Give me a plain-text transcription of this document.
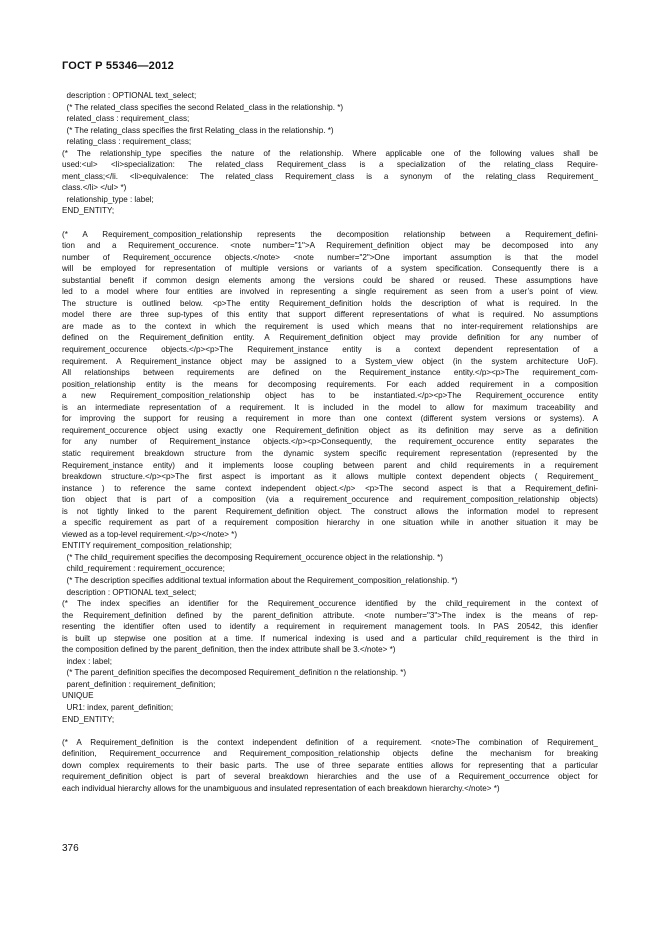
ГОСТ Р 55346—2012
description : OPTIONAL text_select;
(* The related_class specifies the second Related_class in the relationship. *)
related_class : requirement_class;
(* The relating_class specifies the first Relating_class in the relationship. *)
relating_class : requirement_class;
(* The relationship_type specifies the nature of the relationship. Where applicable one of the following values shall be
used:<ul> <li>specialization: The related_class Requirement_class is a specialization of the relating_class Require-
ment_class;</li. <li>equivalence: The related_class Requirement_class is a synonym of the relating_class Requirement_
class.</li> </ul> *)
relationship_type : label;
END_ENTITY;
(* A Requirement_composition_relationship represents the decomposition relationship between a Requirement_defini-
tion and a Requirement_occurence. <note number="1">A Requirement_definition object may be decomposed into any
number of Requirement_occurence objects.</note> <note number="2">One important assumption is that the model
will be employed for representation of multiple versions or variants of a system specification. Consequently there is a
substantial benefit if common design elements among the versions could be shared or reused. These assumptions have
led to a model where four entities are involved in representing a single requirement as seen from a user’s point of view.
The structure is outlined below. <p>The entity Requirement_definition holds the description of what is required. In the
model there are three sup-types of this entity that support different representations of what is required. No assumptions
are made as to the context in which the requirement is used which means that no inter-requirement relationships are
defined on the Requirement_definition entity. A Requirement_definition object may provide definition for any number of
requirement_occurence objects.</p><p>The Requirement_instance entity is a context dependent representation of a
requirement. A Requirement_instance object may be assigned to a System_view object (in the system architecture UoF).
All relationships between requirements are defined on the Requirement_instance entity.</p><p>The requirement_com-
position_relationship entity is the means for decomposing requirements. For each added requirement in a composition
a new Requirement_composition_relationship object has to be instantiated.</p><p>The Requirement_occurence entity
is an intermediate representation of a requirement. It is included in the model to allow for maximum traceability and
for improving the support for reusing a requirement in more than one context (different system versions or systems). A
requirement_occurence object using exactly one Requirement_definition object as its definition may serve as a definition
for any number of Requirement_instance objects.</p><p>Consequently, the requirement_occurence entity separates the
static requirement breakdown structure from the dynamic system specific requirement representation (represented by the
Requirement_instance entity) and it implements loose coupling between parent and child requirements in a requirement
breakdown structure.</p><p>The first aspect is important as it allows multiple context dependent objects ( Requirement_
instance ) to reference the same context independent object.</p> <p>The second aspect is that a Requirement_defini-
tion object that is part of a composition (via a requirement_occurence and requirement_composition_relationship objects)
is not tightly linked to the parent Requirement_definition object. The construct allows the information model to represent
a specific requirement as part of a requirement composition hierarchy in one situation while in another situation it may be
viewed as a top-level requirement.</p></note> *)
ENTITY requirement_composition_relationship;
(* The child_requirement specifies the decomposing Requirement_occurence object in the relationship. *)
child_requirement : requirement_occurence;
(* The description specifies additional textual information about the Requirement_composition_relationship. *)
description : OPTIONAL text_select;
(* The index specifies an identifier for the Requirement_occurence identified by the child_requirement in the context of
the Requirement_definition defined by the parent_definition attribute. <note number="3">The index is the means of rep-
resenting the identifier often used to identify a requirement in requirement management tools. In PAS 20542, this idenfier
is built up stepwise one position at a time. If numerical indexing is used and a particular child_requirement is the third in
the composition defined by the parent_definition, then the index attribute shall be 3.</note> *)
index : label;
(* The parent_definition specifies the decomposed Requirement_definition n the relationship. *)
parent_definition : requirement_definition;
UNIQUE
UR1: index, parent_definition;
END_ENTITY;
(* A Requirement_definition is the context independent definition of a requirement. <note>The combination of Requirement_
definition, Requirement_occurrence and Requirement_composition_relationship objects define the mechanism for breaking
down complex requirements to their basic parts. The use of three separate entities allows for representing that a particular
requirement_definition object is part of several breakdown hierarchies and the use of a Requirement_occurrence object for
each individual hierarchy allows for the unambiguous and insulated representation of each breakdown hierarchy.</note> *)
376
